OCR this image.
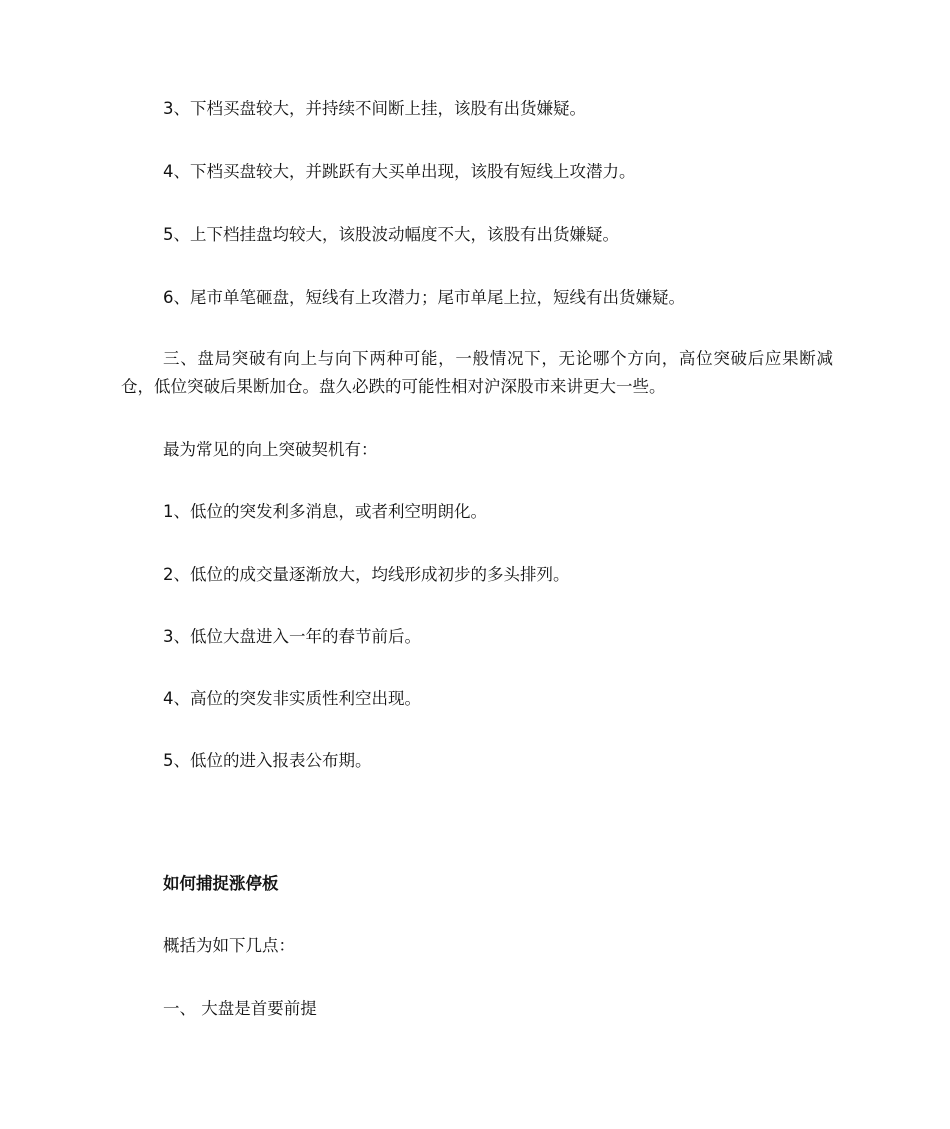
3、下档买盘较大，并持续不间断上挂，该股有出货嫌疑。

4、下档买盘较大，并跳跃有大买单出现，该股有短线上攻潜力。

5、上下档挂盘均较大，该股波动幅度不大，该股有出货嫌疑。

6、尾市单笔砸盘，短线有上攻潜力；尾市单尾上拉，短线有出货嫌疑。

三、盘局突破有向上与向下两种可能，一般情况下，无论哪个方向，高位突破后应果断减仓，低位突破后果断加仓。盘久必跌的可能性相对沪深股市来讲更大一些。

最为常见的向上突破契机有：

1、低位的突发利多消息，或者利空明朗化。

2、低位的成交量逐渐放大，均线形成初步的多头排列。

3、低位大盘进入一年的春节前后。

4、高位的突发非实质性利空出现。

5、低位的进入报表公布期。

如何捕捉涨停板

概括为如下几点：

一、 大盘是首要前提
